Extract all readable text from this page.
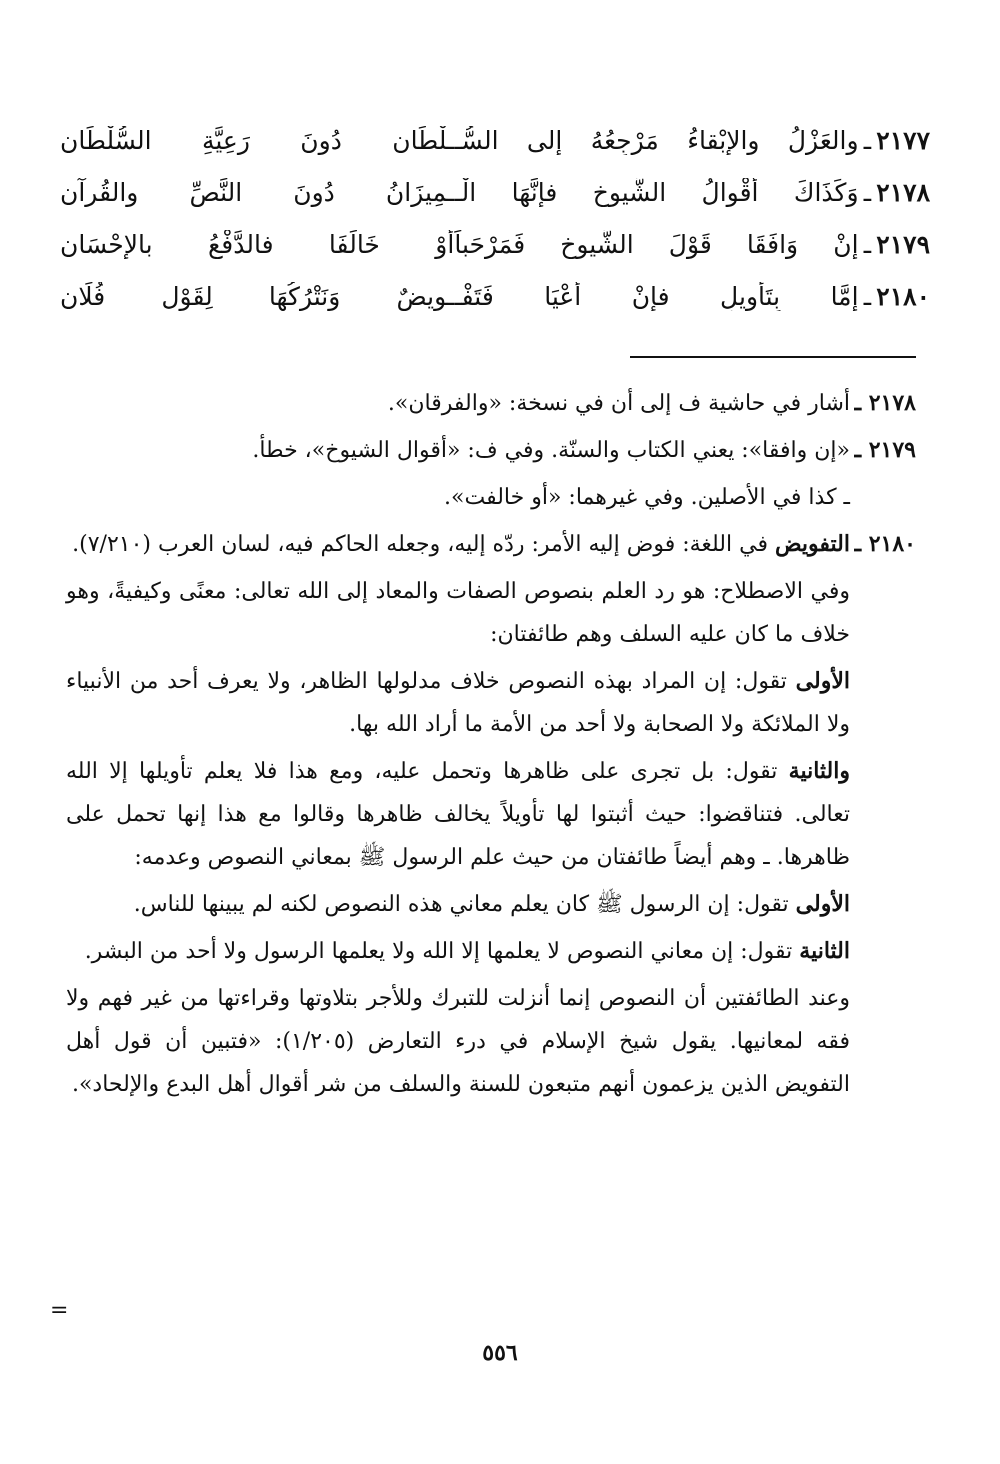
٢١٧٧
ـ
والعَزْلُ والإبْقاءُ مَرْجِعُهُ إلى السُّـ
ـلْطَانِ دُونَ رَعِيَّةِ السُّلْطَانِ
٢١٧٨
ـ
وَكَذَاكَ أَقْوالُ الشُّيوخِ فإنَّهَا الْـ
ـمِيزَانُ دُونَ النَّصِّ والقُرآنِ
٢١٧٩
ـ
إنْ وَافَقَا قَوْلَ الشُّيوخِ فَمَرْحَباً
أَوْ خَالَفَا فالدَّفْعُ بالإحْسَانِ
٢١٨٠
ـ
إمَّا بِتَأْوِيلٍ فإنْ أَعْيَا فَتَفْـ
ـوِيضٌ وَنَتْرُكُهَا لِقَوْلِ فُلَانِ
٢١٧٨ ـ
أشار في حاشية ف إلى أن في نسخة: «والفرقان».
٢١٧٩ ـ
«إن وافقا»: يعني الكتاب والسنّة. وفي ف: «أقوال الشيوخ»، خطأ.
ـ كذا في الأصلين. وفي غيرهما: «أو خالفت».
٢١٨٠ ـ
التفويض في اللغة: فوض إليه الأمر: ردّه إليه، وجعله الحاكم فيه، لسان العرب (٧/٢١٠).
وفي الاصطلاح: هو رد العلم بنصوص الصفات والمعاد إلى الله تعالى: معنًى وكيفيةً، وهو خلاف ما كان عليه السلف وهم طائفتان:
الأولى تقول: إن المراد بهذه النصوص خلاف مدلولها الظاهر، ولا يعرف أحد من الأنبياء ولا الملائكة ولا الصحابة ولا أحد من الأمة ما أراد الله بها.
والثانية تقول: بل تجرى على ظاهرها وتحمل عليه، ومع هذا فلا يعلم تأويلها إلا الله تعالى. فتناقضوا: حيث أثبتوا لها تأويلاً يخالف ظاهرها وقالوا مع هذا إنها تحمل على ظاهرها. ـ وهم أيضاً طائفتان من حيث علم الرسول ﷺ بمعاني النصوص وعدمه:
الأولى تقول: إن الرسول ﷺ كان يعلم معاني هذه النصوص لكنه لم يبينها للناس.
الثانية تقول: إن معاني النصوص لا يعلمها إلا الله ولا يعلمها الرسول ولا أحد من البشر.
وعند الطائفتين أن النصوص إنما أنزلت للتبرك وللأجر بتلاوتها وقراءتها من غير فهم ولا فقه لمعانيها. يقول شيخ الإسلام في درء التعارض (١/٢٠٥): «فتبين أن قول أهل التفويض الذين يزعمون أنهم متبعون للسنة والسلف من شر أقوال أهل البدع والإلحاد».
=
٥٥٦
